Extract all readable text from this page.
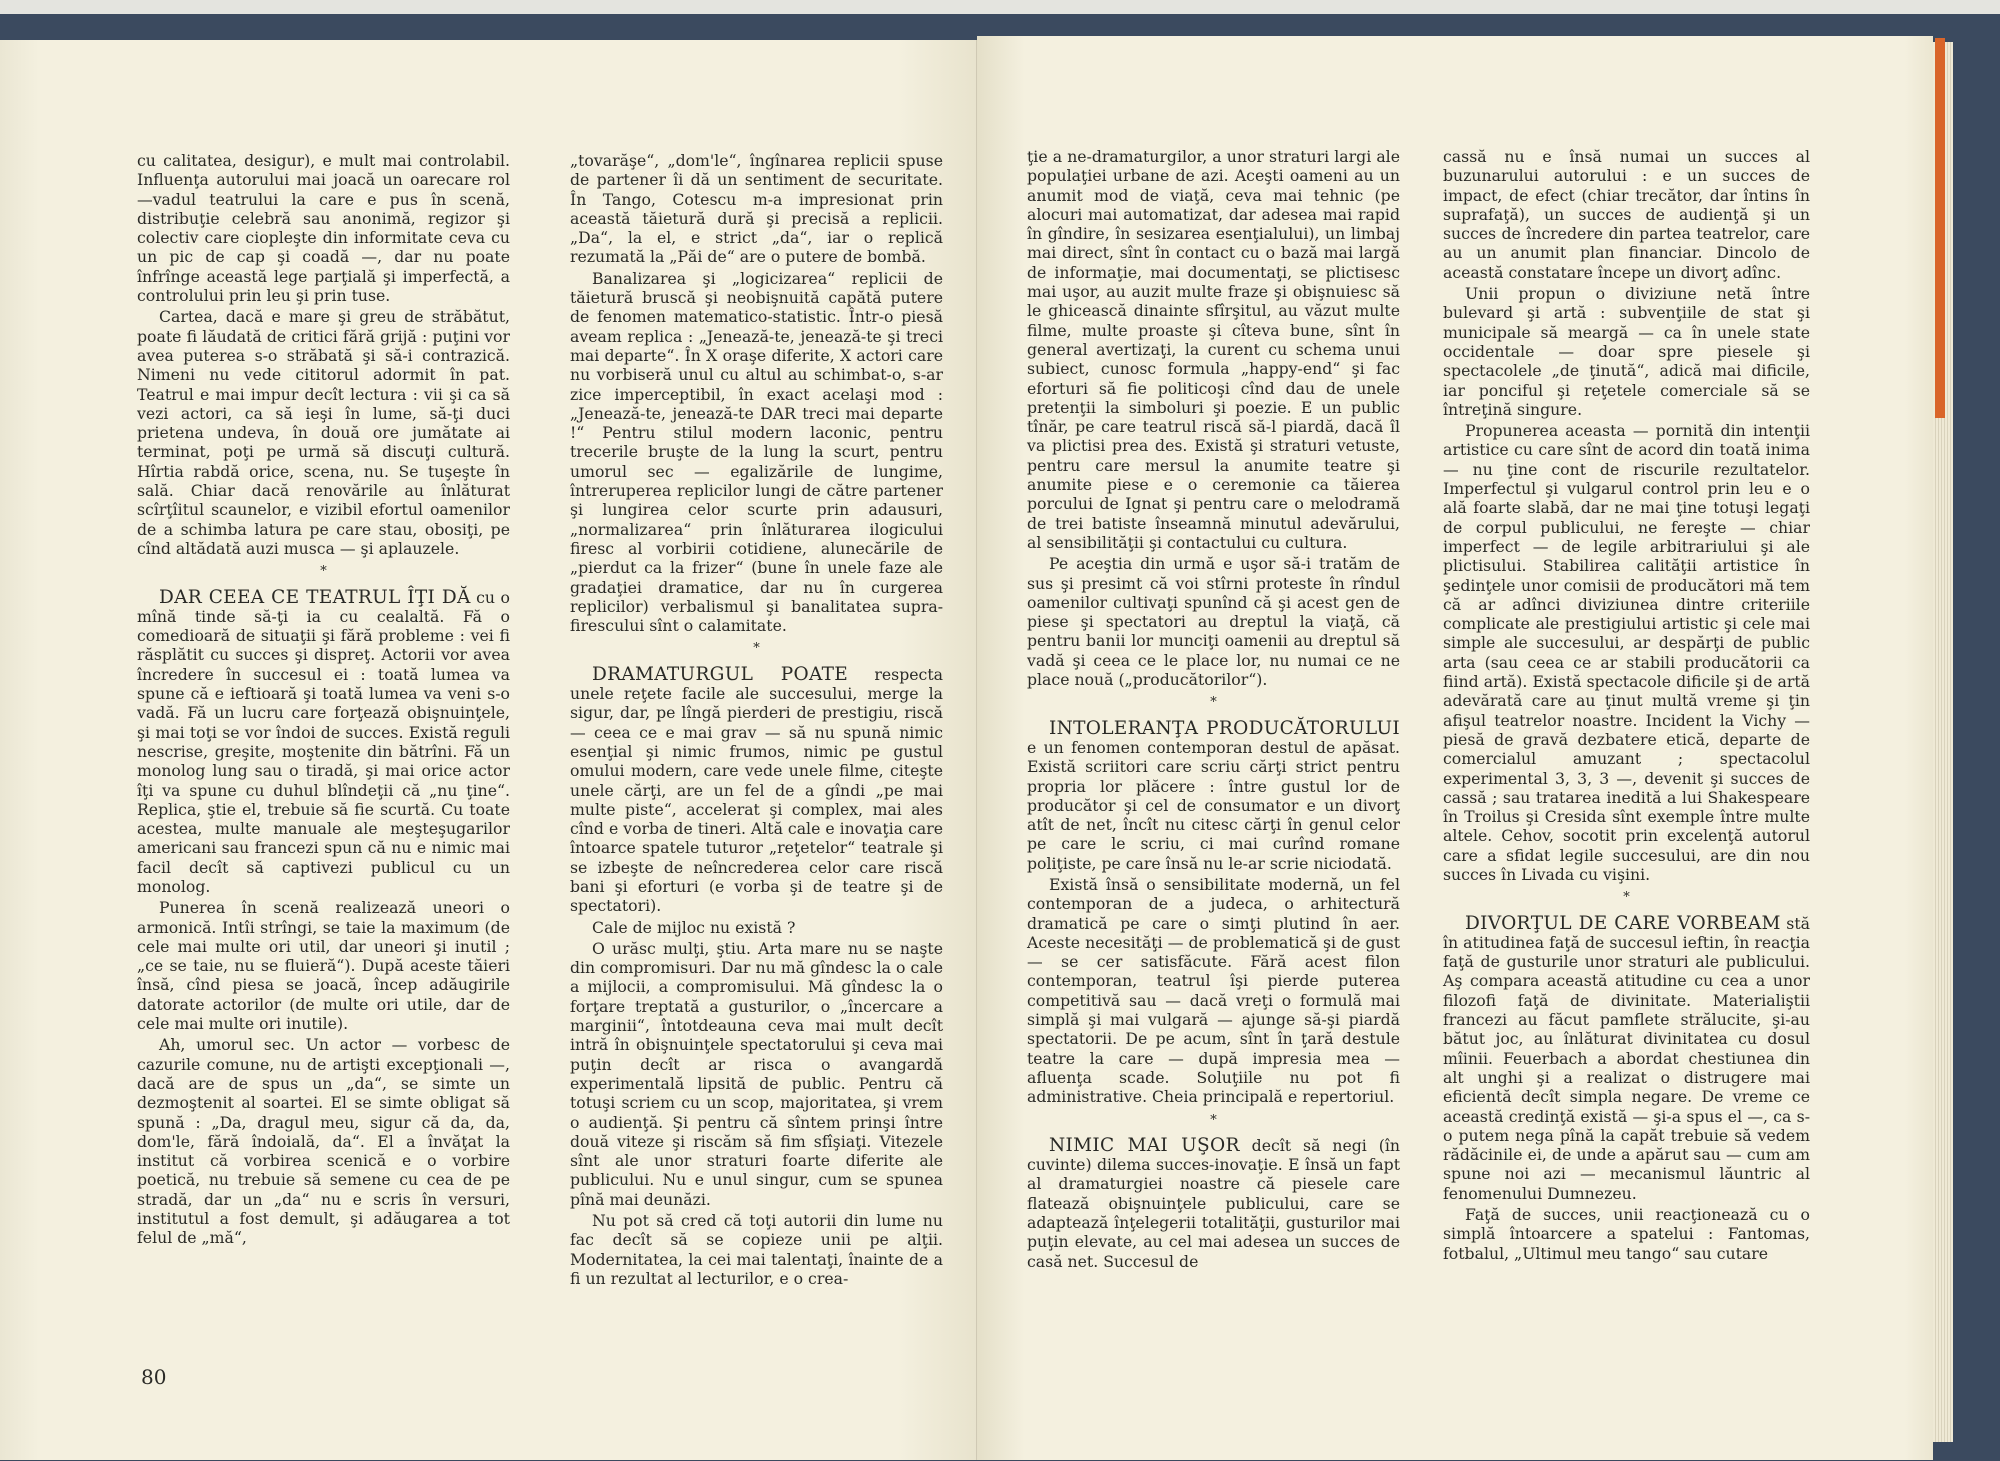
cu calitatea, desigur), e mult mai controlabil. Influenţa autorului mai joacă un oarecare rol —vadul teatrului la care e pus în scenă, distribuţie celebră sau anonimă, regizor şi colectiv care ciopleşte din informitate ceva cu un pic de cap şi coadă —, dar nu poate înfrînge această lege parţială şi imperfectă, a controlului prin leu şi prin tuse.

Cartea, dacă e mare şi greu de străbătut, poate fi lăudată de critici fără grijă : puţini vor avea puterea s-o străbată şi să-i contrazică. Nimeni nu vede cititorul adormit în pat. Teatrul e mai impur decît lectura : vii şi ca să vezi actori, ca să ieşi în lume, să-ţi duci prietena undeva, în două ore jumătate ai terminat, poţi pe urmă să discuţi cultură. Hîrtia rabdă orice, scena, nu. Se tuşeşte în sală. Chiar dacă renovările au înlăturat scîrţîitul scaunelor, e vizibil efortul oamenilor de a schimba latura pe care stau, obosiţi, pe cînd altădată auzi musca — şi aplauzele.

*

DAR CEEA CE TEATRUL ÎŢI DĂ cu o mînă tinde să-ţi ia cu cealaltă. Fă o comedioară de situaţii şi fără probleme : vei fi răsplătit cu succes şi dispreţ. Actorii vor avea încredere în succesul ei : toată lumea va spune că e ieftioară şi toată lumea va veni s-o vadă. Fă un lucru care forţează obişnuinţele, şi mai toţi se vor îndoi de succes. Există reguli nescrise, greşite, moştenite din bătrîni. Fă un monolog lung sau o tiradă, şi mai orice actor îţi va spune cu duhul blîndeţii că „nu ţine“. Replica, ştie el, trebuie să fie scurtă. Cu toate acestea, multe manuale ale meşteşugarilor americani sau francezi spun că nu e nimic mai facil decît să captivezi publicul cu un monolog.

Punerea în scenă realizează uneori o armonică. Intîi strîngi, se taie la maximum (de cele mai multe ori util, dar uneori şi inutil ; „ce se taie, nu se fluieră“). După aceste tăieri însă, cînd piesa se joacă, încep adăugirile datorate actorilor (de multe ori utile, dar de cele mai multe ori inutile).

Ah, umorul sec. Un actor — vorbesc de cazurile comune, nu de artişti excepţionali —, dacă are de spus un „da“, se simte un dezmoştenit al soartei. El se simte obligat să spună : „Da, dragul meu, sigur că da, da, dom'le, fără îndoială, da“. El a învăţat la institut că vorbirea scenică e o vorbire poetică, nu trebuie să semene cu cea de pe stradă, dar un „da“ nu e scris în versuri, institutul a fost demult, şi adăugarea a tot felul de „mă“,

„tovarăşe“, „dom'le“, îngînarea replicii spuse de partener îi dă un sentiment de securitate. În Tango, Cotescu m-a impresionat prin această tăietură dură şi precisă a replicii. „Da“, la el, e strict „da“, iar o replică rezumată la „Păi de“ are o putere de bombă.

Banalizarea şi „logicizarea“ replicii de tăietură bruscă şi neobişnuită capătă putere de fenomen matematico-statistic. Într-o piesă aveam replica : „Jenează-te, jenează-te şi treci mai departe“. În X oraşe diferite, X actori care nu vorbiseră unul cu altul au schimbat-o, s-ar zice imperceptibil, în exact acelaşi mod : „Jenează-te, jenează-te DAR treci mai departe !“ Pentru stilul modern laconic, pentru trecerile bruşte de la lung la scurt, pentru umorul sec — egalizările de lungime, întreruperea replicilor lungi de către partener şi lungirea celor scurte prin adausuri, „normalizarea“ prin înlăturarea ilogicului firesc al vorbirii cotidiene, alunecările de „pierdut ca la frizer“ (bune în unele faze ale gradaţiei dramatice, dar nu în curgerea replicilor) verbalismul şi banalitatea supra-firescului sînt o calamitate.

*

DRAMATURGUL POATE respecta unele reţete facile ale succesului, merge la sigur, dar, pe lîngă pierderi de prestigiu, riscă — ceea ce e mai grav — să nu spună nimic esenţial şi nimic frumos, nimic pe gustul omului modern, care vede unele filme, citeşte unele cărţi, are un fel de a gîndi „pe mai multe piste“, accelerat şi complex, mai ales cînd e vorba de tineri. Altă cale e inovaţia care întoarce spatele tuturor „reţetelor“ teatrale şi se izbeşte de neîncrederea celor care riscă bani şi eforturi (e vorba şi de teatre şi de spectatori).

Cale de mijloc nu există ?

O urăsc mulţi, ştiu. Arta mare nu se naşte din compromisuri. Dar nu mă gîndesc la o cale a mijlocii, a compromisului. Mă gîndesc la o forţare treptată a gusturilor, o „încercare a marginii“, întotdeauna ceva mai mult decît intră în obişnuinţele spectatorului şi ceva mai puţin decît ar risca o avangardă experimentală lipsită de public. Pentru că totuşi scriem cu un scop, majoritatea, şi vrem o audienţă. Şi pentru că sîntem prinşi între două viteze şi riscăm să fim sfîşiaţi. Vitezele sînt ale unor straturi foarte diferite ale publicului. Nu e unul singur, cum se spunea pînă mai deunăzi.

Nu pot să cred că toţi autorii din lume nu fac decît să se copieze unii pe alţii. Modernitatea, la cei mai talentaţi, înainte de a fi un rezultat al lecturilor, e o crea-

80

ţie a ne-dramaturgilor, a unor straturi largi ale populaţiei urbane de azi. Aceşti oameni au un anumit mod de viaţă, ceva mai tehnic (pe alocuri mai automatizat, dar adesea mai rapid în gîndire, în sesizarea esenţialului), un limbaj mai direct, sînt în contact cu o bază mai largă de informaţie, mai documentaţi, se plictisesc mai uşor, au auzit multe fraze şi obişnuiesc să le ghicească dinainte sfîrşitul, au văzut multe filme, multe proaste şi cîteva bune, sînt în general avertizaţi, la curent cu schema unui subiect, cunosc formula „happy-end“ şi fac eforturi să fie politicoşi cînd dau de unele pretenţii la simboluri şi poezie. E un public tînăr, pe care teatrul riscă să-l piardă, dacă îl va plictisi prea des. Există şi straturi vetuste, pentru care mersul la anumite teatre şi anumite piese e o ceremonie ca tăierea porcului de Ignat şi pentru care o melodramă de trei batiste înseamnă minutul adevărului, al sensibilităţii şi contactului cu cultura.

Pe aceştia din urmă e uşor să-i tratăm de sus şi presimt că voi stîrni proteste în rîndul oamenilor cultivaţi spunînd că şi acest gen de piese şi spectatori au dreptul la viaţă, că pentru banii lor munciţi oamenii au dreptul să vadă şi ceea ce le place lor, nu numai ce ne place nouă („producătorilor“).

*

INTOLERANŢA PRODUCĂTORULUI e un fenomen contemporan destul de apăsat. Există scriitori care scriu cărţi strict pentru propria lor plăcere : între gustul lor de producător şi cel de consumator e un divorţ atît de net, încît nu citesc cărţi în genul celor pe care le scriu, ci mai curînd romane poliţiste, pe care însă nu le-ar scrie niciodată.

Există însă o sensibilitate modernă, un fel contemporan de a judeca, o arhitectură dramatică pe care o simţi plutind în aer. Aceste necesităţi — de problematică şi de gust — se cer satisfăcute. Fără acest filon contemporan, teatrul îşi pierde puterea competitivă sau — dacă vreţi o formulă mai simplă şi mai vulgară — ajunge să-şi piardă spectatorii. De pe acum, sînt în ţară destule teatre la care — după impresia mea — afluenţa scade. Soluţiile nu pot fi administrative. Cheia principală e repertoriul.

*

NIMIC MAI UŞOR decît să negi (în cuvinte) dilema succes-inovaţie. E însă un fapt al dramaturgiei noastre că piesele care flatează obişnuinţele publicului, care se adaptează înţelegerii totalităţii, gusturilor mai puţin elevate, au cel mai adesea un succes de casă net. Succesul de

cassă nu e însă numai un succes al buzunarului autorului : e un succes de impact, de efect (chiar trecător, dar întins în suprafaţă), un succes de audienţă şi un succes de încredere din partea teatrelor, care au un anumit plan financiar. Dincolo de această constatare începe un divorţ adînc.

Unii propun o diviziune netă între bulevard şi artă : subvenţiile de stat şi municipale să meargă — ca în unele state occidentale — doar spre piesele şi spectacolele „de ţinută“, adică mai dificile, iar ponciful şi reţetele comerciale să se întreţină singure.

Propunerea aceasta — pornită din intenţii artistice cu care sînt de acord din toată inima — nu ţine cont de riscurile rezultatelor. Imperfectul şi vulgarul control prin leu e o ală foarte slabă, dar ne mai ţine totuşi legaţi de corpul publicului, ne fereşte — chiar imperfect — de legile arbitrariului şi ale plictisului. Stabilirea calităţii artistice în şedinţele unor comisii de producători mă tem că ar adînci diviziunea dintre criteriile complicate ale prestigiului artistic şi cele mai simple ale succesului, ar despărţi de public arta (sau ceea ce ar stabili producătorii ca fiind artă). Există spectacole dificile şi de artă adevărată care au ţinut multă vreme şi ţin afişul teatrelor noastre. Incident la Vichy — piesă de gravă dezbatere etică, departe de comercialul amuzant ; spectacolul experimental 3, 3, 3 —, devenit şi succes de cassă ; sau tratarea inedită a lui Shakespeare în Troilus şi Cresida sînt exemple între multe altele. Cehov, socotit prin excelenţă autorul care a sfidat legile succesului, are din nou succes în Livada cu vişini.

*

DIVORŢUL DE CARE VORBEAM stă în atitudinea faţă de succesul ieftin, în reacţia faţă de gusturile unor straturi ale publicului. Aş compara această atitudine cu cea a unor filozofi faţă de divinitate. Materialiştii francezi au făcut pamflete strălucite, şi-au bătut joc, au înlăturat divinitatea cu dosul mîinii. Feuerbach a abordat chestiunea din alt unghi şi a realizat o distrugere mai eficientă decît simpla negare. De vreme ce această credinţă există — şi-a spus el —, ca s-o putem nega pînă la capăt trebuie să vedem rădăcinile ei, de unde a apărut sau — cum am spune noi azi — mecanismul lăuntric al fenomenului Dumnezeu.

Faţă de succes, unii reacţionează cu o simplă întoarcere a spatelui : Fantomas, fotbalul, „Ultimul meu tango“ sau cutare
